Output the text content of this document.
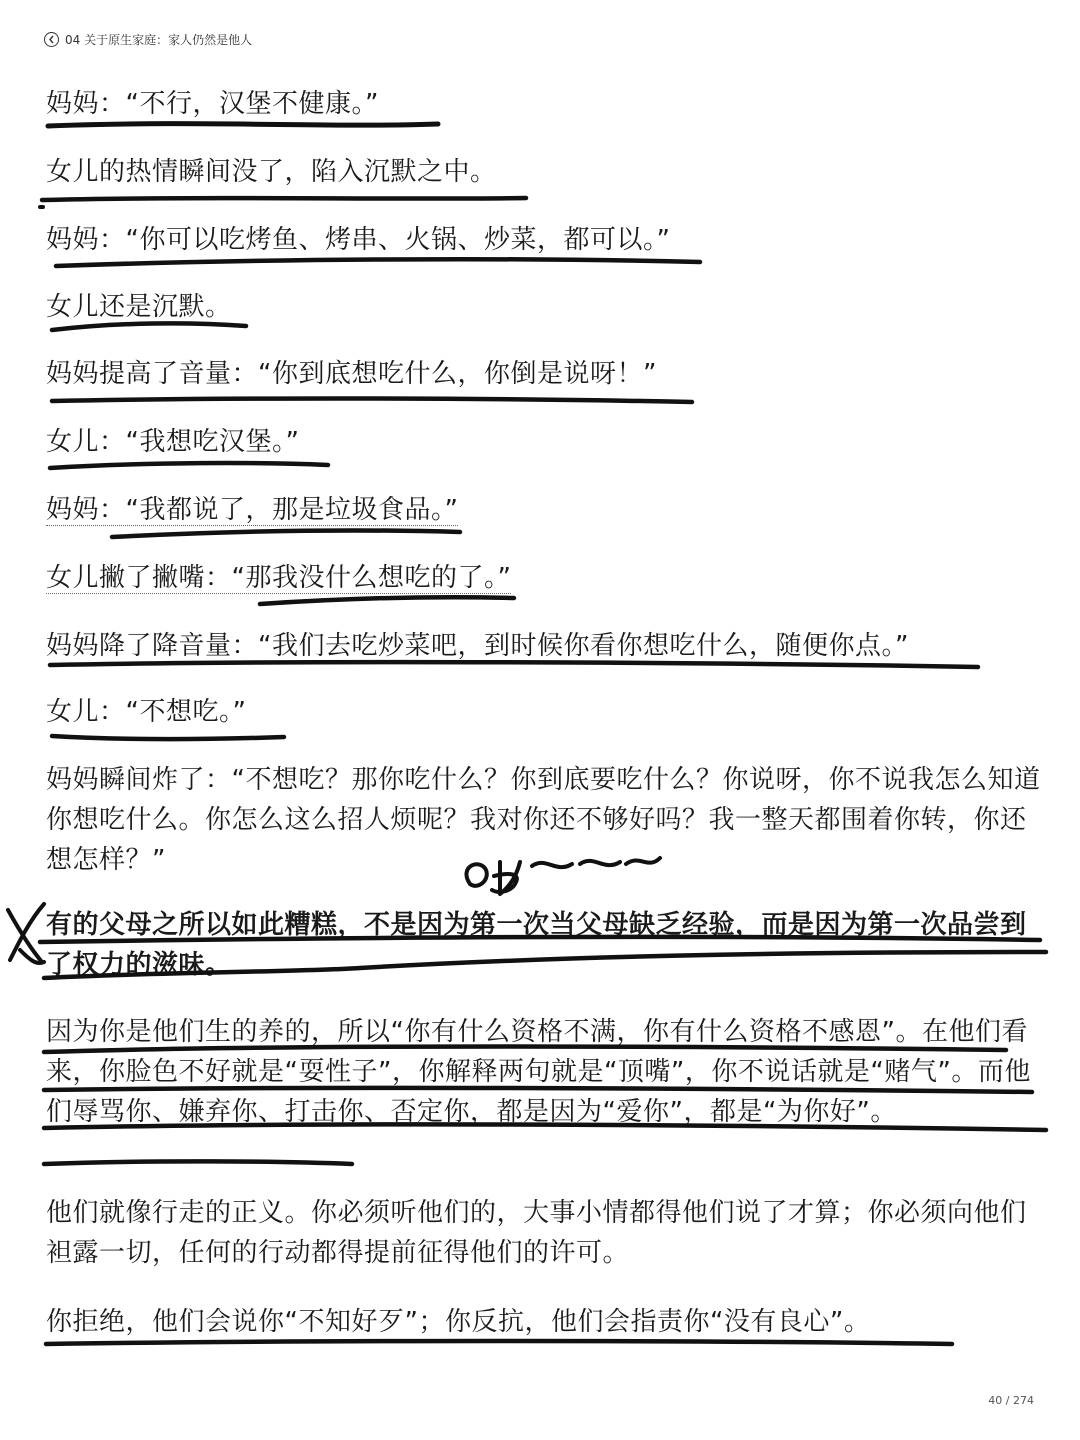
04 关于原生家庭：家人仍然是他人

妈妈：“不行，汉堡不健康。”

女儿的热情瞬间没了，陷入沉默之中。

妈妈：“你可以吃烤鱼、烤串、火锅、炒菜，都可以。”

女儿还是沉默。

妈妈提高了音量：“你到底想吃什么，你倒是说呀！”

女儿：“我想吃汉堡。”

妈妈：“我都说了，那是垃圾食品。”

女儿撇了撇嘴：“那我没什么想吃的了。”

妈妈降了降音量：“我们去吃炒菜吧，到时候你看你想吃什么，随便你点。”

女儿：“不想吃。”

妈妈瞬间炸了：“不想吃？那你吃什么？你到底要吃什么？你说呀，你不说我怎么知道你想吃什么。你怎么这么招人烦呢？我对你还不够好吗？我一整天都围着你转，你还想怎样？”

有的父母之所以如此糟糕，不是因为第一次当父母缺乏经验，而是因为第一次品尝到了权力的滋味。

因为你是他们生的养的，所以“你有什么资格不满，你有什么资格不感恩”。在他们看来，你脸色不好就是“耍性子”，你解释两句就是“顶嘴”，你不说话就是“赌气”。而他们辱骂你、嫌弃你、打击你、否定你，都是因为“爱你”，都是“为你好”。

他们就像行走的正义。你必须听他们的，大事小情都得他们说了才算；你必须向他们袒露一切，任何的行动都得提前征得他们的许可。

你拒绝，他们会说你“不知好歹”；你反抗，他们会指责你“没有良心”。

40 / 274
